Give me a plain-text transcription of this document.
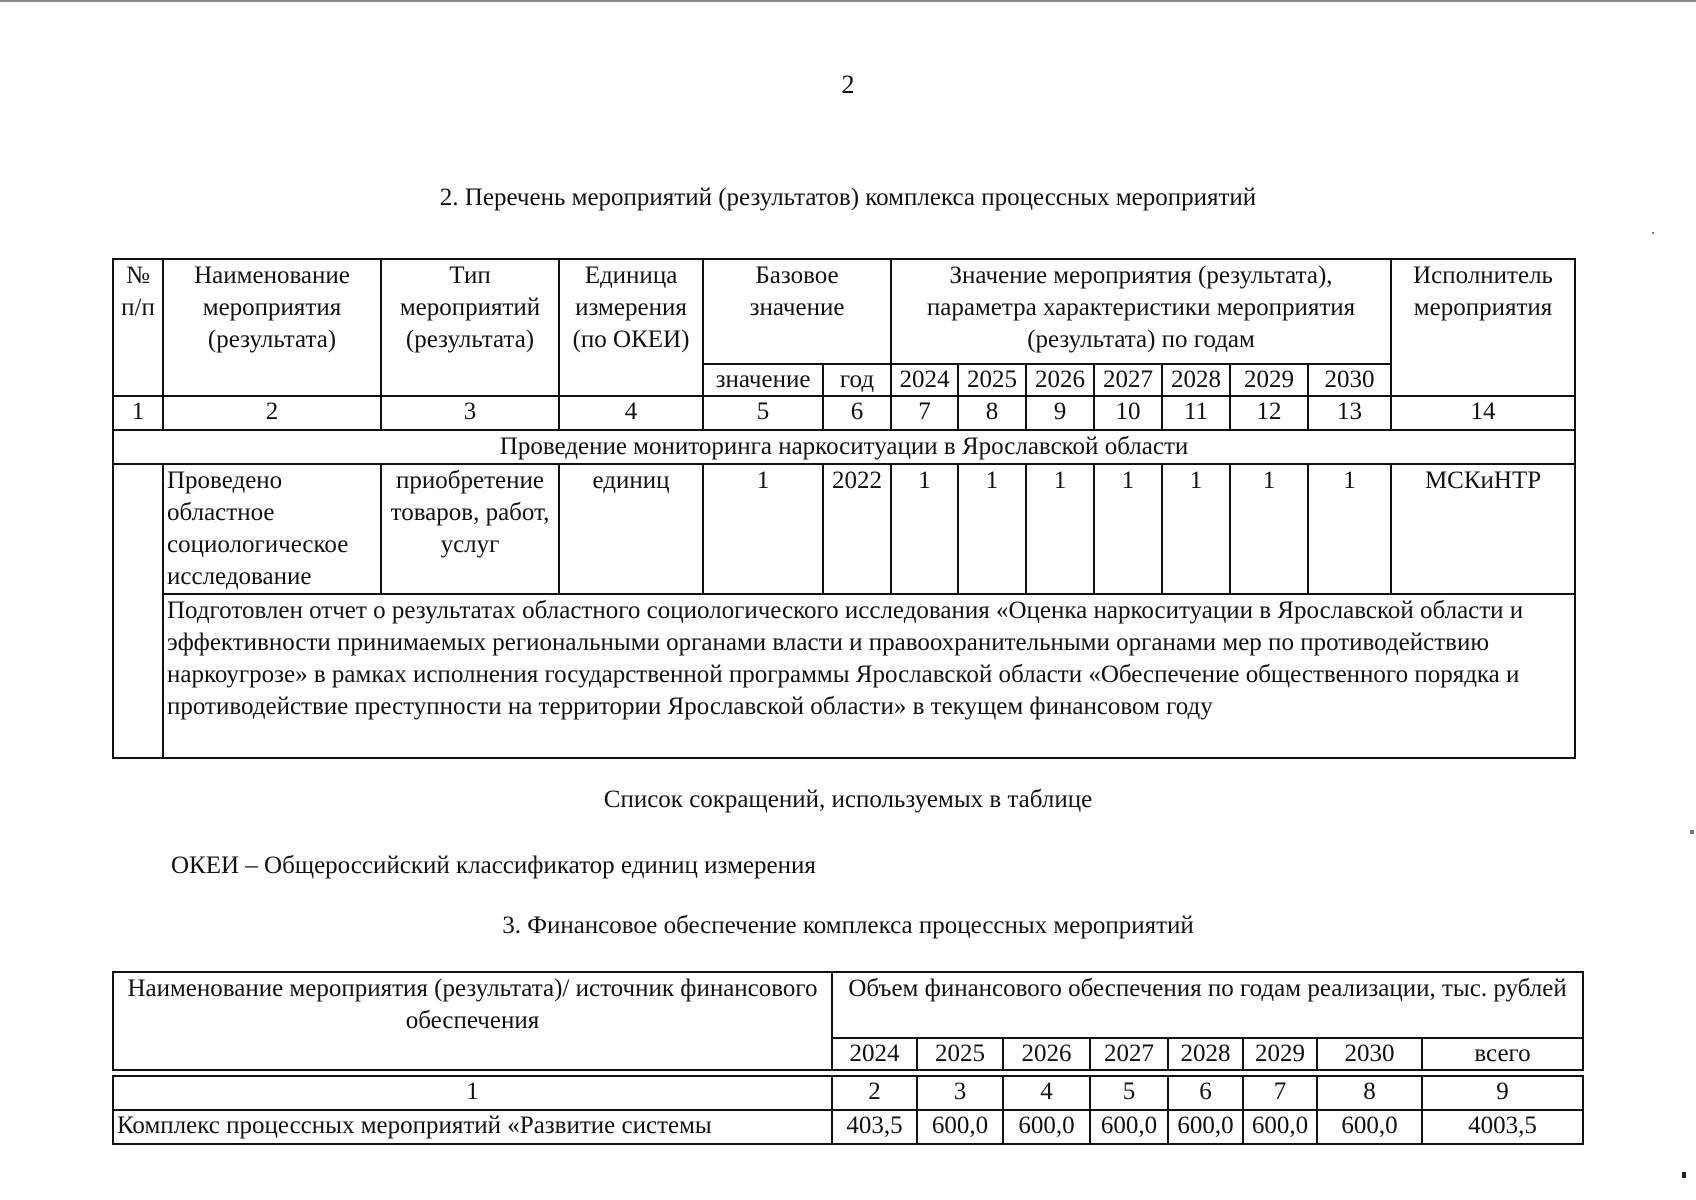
2
2. Перечень мероприятий (результатов) комплекса процессных мероприятий
№ п/п	Наименование мероприятия (результата)	Тип мероприятий (результата)	Единица измерения (по ОКЕИ)	Базовое значение		Значение мероприятия (результата), параметра характеристики мероприятия (результата) по годам							Исполнитель мероприятия
				значение	год	2024	2025	2026	2027	2028	2029	2030	
1	2	3	4	5	6	7	8	9	10	11	12	13	14
Проведение мониторинга наркоситуации в Ярославской области													
	Проведено областное социологическое исследование	приобретение товаров, работ, услуг	единиц	1	2022	1	1	1	1	1	1	1	МСКиНТР
	Подготовлен отчет о результатах областного социологического исследования «Оценка наркоситуации в Ярославской области и эффективности принимаемых региональными органами власти и правоохранительными органами мер по противодействию наркоугрозе» в рамках исполнения государственной программы Ярославской области «Обеспечение общественного порядка и противодействие преступности на территории Ярославской области» в текущем финансовом году												
Список сокращений, используемых в таблице
ОКЕИ – Общероссийский классификатор единиц измерения
3. Финансовое обеспечение комплекса процессных мероприятий
Наименование мероприятия (результата)/ источник финансового обеспечения	Объем финансового обеспечения по годам реализации, тыс. рублей							
	2024	2025	2026	2027	2028	2029	2030	всего

1	2	3	4	5	6	7	8	9
Комплекс процессных мероприятий «Развитие системы	403,5	600,0	600,0	600,0	600,0	600,0	600,0	4003,5
